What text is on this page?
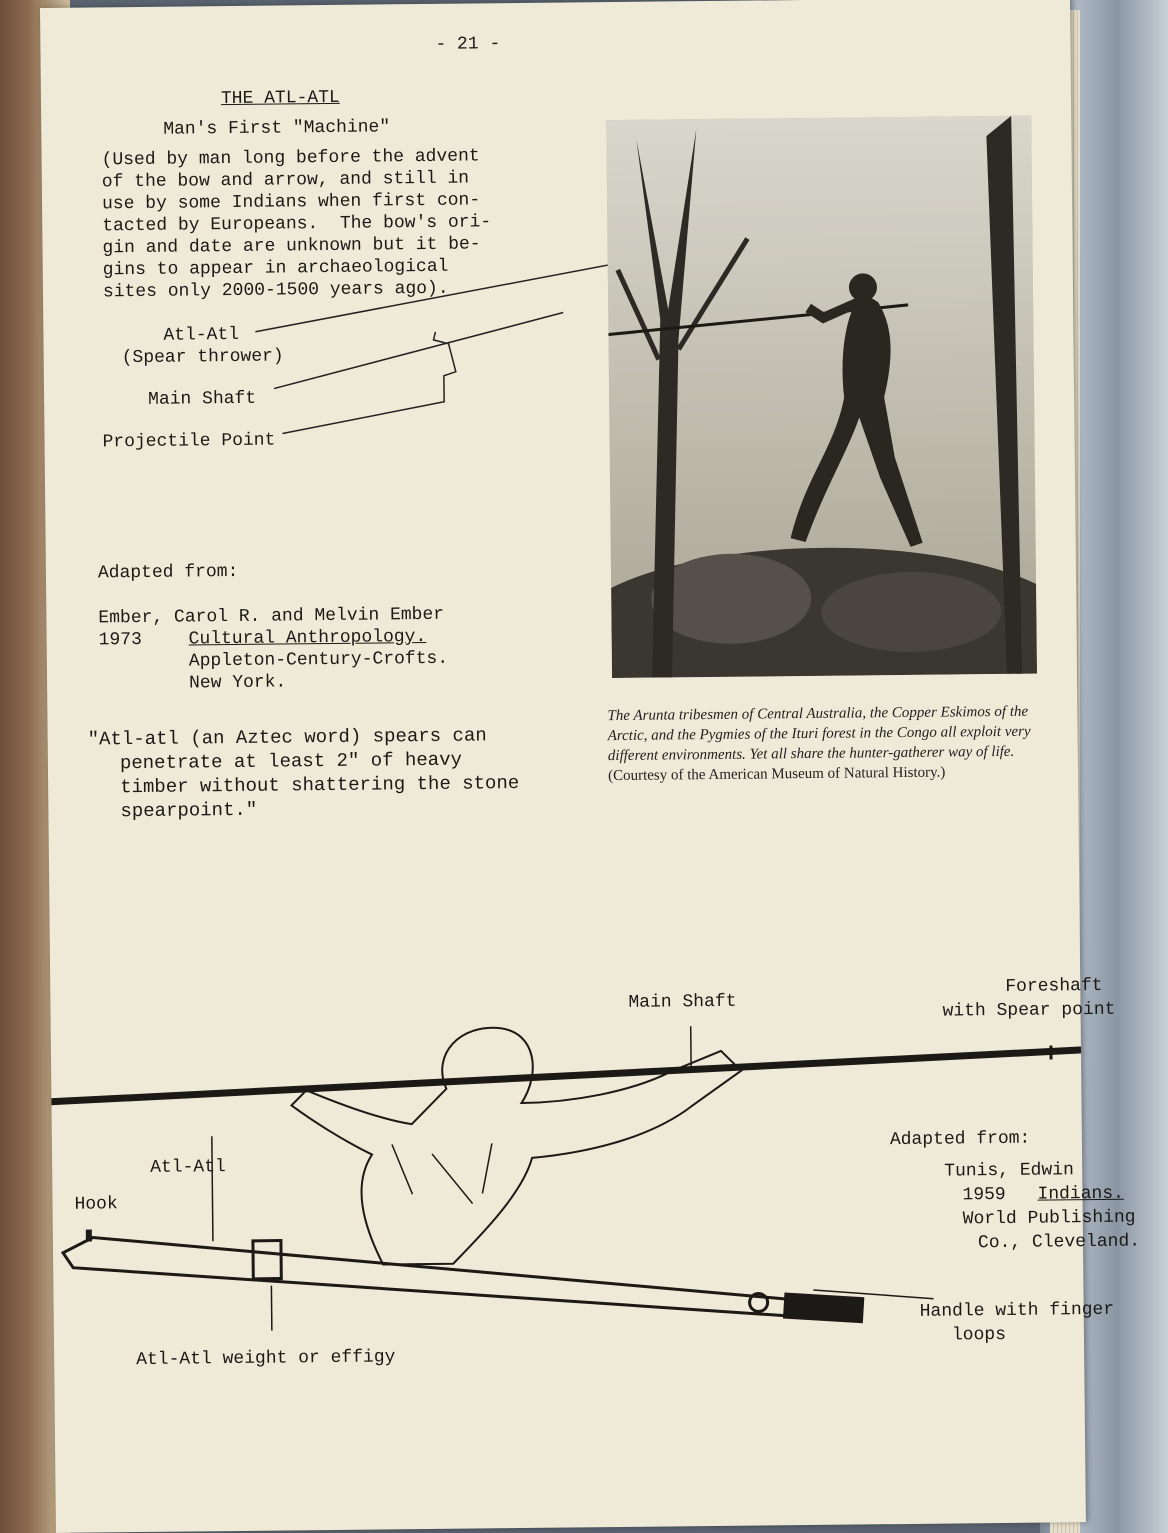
- 21 -
THE ATL-ATL
Man's First "Machine"
(Used by man long before the advent
of the bow and arrow, and still in
use by some Indians when first con-
tacted by Europeans.  The bow's ori-
gin and date are unknown but it be-
gins to appear in archaeological
sites only 2000-1500 years ago).
Atl-Atl
(Spear thrower)
Main Shaft
Projectile Point
The Arunta tribesmen of Central Australia, the Copper Eskimos of the Arctic, and the Pygmies of the Ituri forest in the Congo all exploit very different environments. Yet all share the hunter-gatherer way of life. (Courtesy of the American Museum of Natural History.)
Adapted from:
Ember, Carol R. and Melvin Ember
1973	Cultural Anthropology.
Appleton-Century-Crofts.
New York.
"Atl-atl (an Aztec word) spears can
penetrate at least 2" of heavy
timber without shattering the stone
spearpoint."
Main Shaft
Foreshaft
with Spear point
Atl-Atl
Hook
Atl-Atl weight or effigy
Handle with finger
loops
Adapted from:
Tunis, Edwin
1959 Indians.
World Publishing
Co., Cleveland.
